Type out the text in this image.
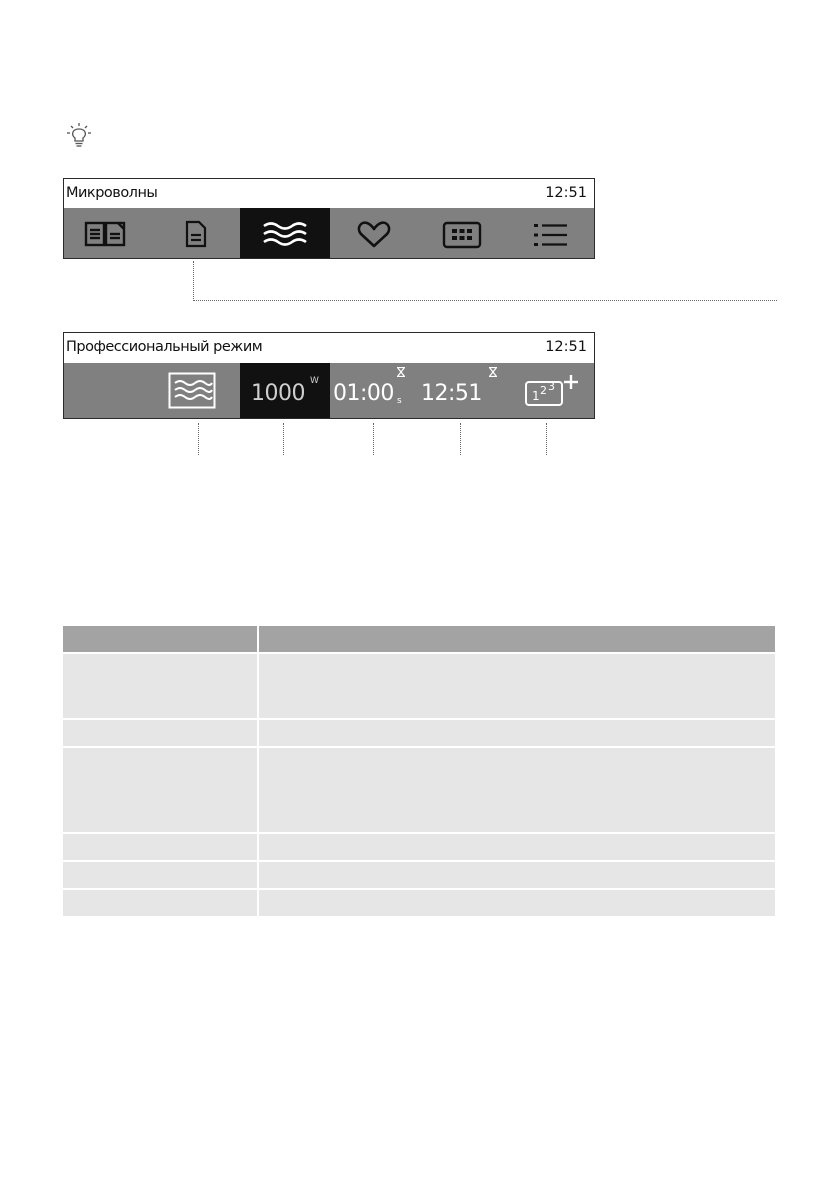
Микроволны	12:51
Профессиональный режим	12:51
1000 W 01:00 s 12:51	1 2 3
